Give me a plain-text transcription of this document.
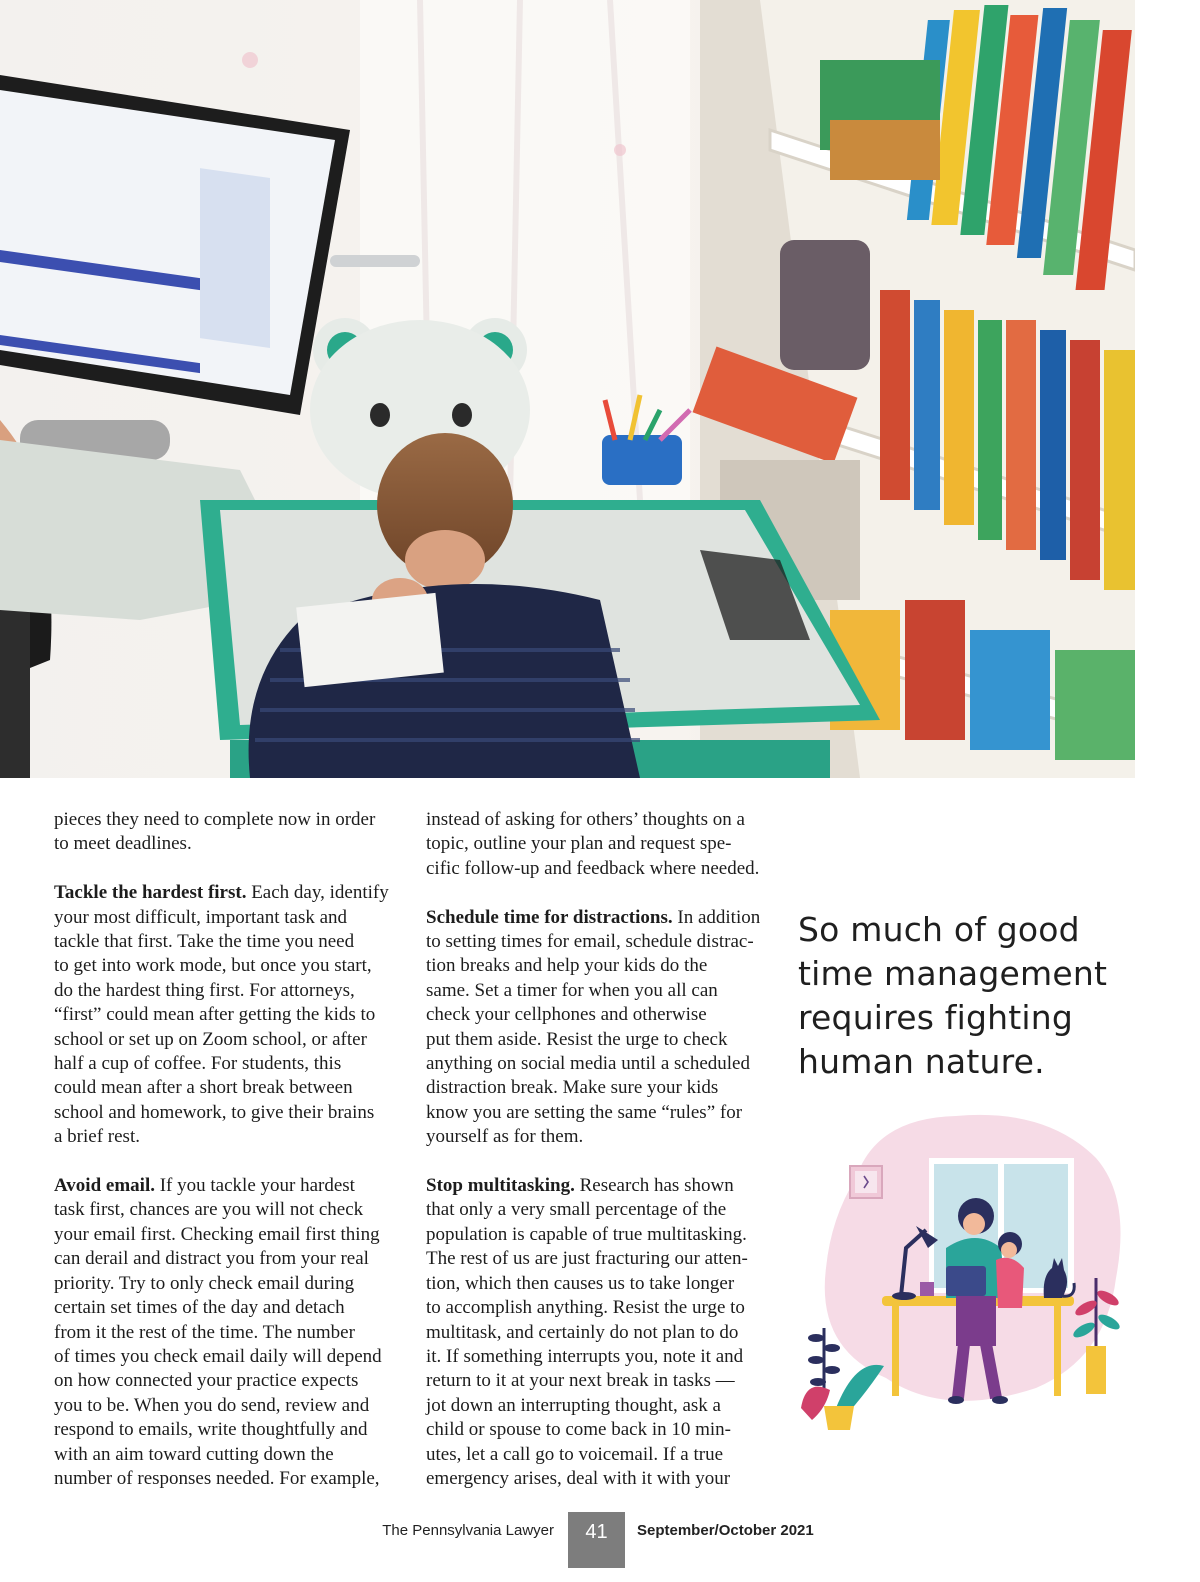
pieces they need to complete now in order
to meet deadlines.
Tackle the hardest first. Each day, identify
your most difficult, important task and
tackle that first. Take the time you need
to get into work mode, but once you start,
do the hardest thing first. For attorneys,
“first” could mean after getting the kids to
school or set up on Zoom school, or after
half a cup of coffee. For students, this
could mean after a short break between
school and homework, to give their brains
a brief rest.
Avoid email. If you tackle your hardest
task first, chances are you will not check
your email first. Checking email first thing
can derail and distract you from your real
priority. Try to only check email during
certain set times of the day and detach
from it the rest of the time. The number
of times you check email daily will depend
on how connected your practice expects
you to be. When you do send, review and
respond to emails, write thoughtfully and
with an aim toward cutting down the
number of responses needed. For example,
instead of asking for others’ thoughts on a
topic, outline your plan and request spe-
cific follow-up and feedback where needed.
Schedule time for distractions. In addition
to setting times for email, schedule distrac-
tion breaks and help your kids do the
same. Set a timer for when you all can
check your cellphones and otherwise
put them aside. Resist the urge to check
anything on social media until a scheduled
distraction break. Make sure your kids
know you are setting the same “rules” for
yourself as for them.
Stop multitasking. Research has shown
that only a very small percentage of the
population is capable of true multitasking.
The rest of us are just fracturing our atten-
tion, which then causes us to take longer
to accomplish anything. Resist the urge to
multitask, and certainly do not plan to do
it. If something interrupts you, note it and
return to it at your next break in tasks —
jot down an interrupting thought, ask a
child or spouse to come back in 10 min-
utes, let a call go to voicemail. If a true
emergency arises, deal with it with your
So much of good
time management
requires fighting
human nature.
The Pennsylvania Lawyer	41	September/October 2021
